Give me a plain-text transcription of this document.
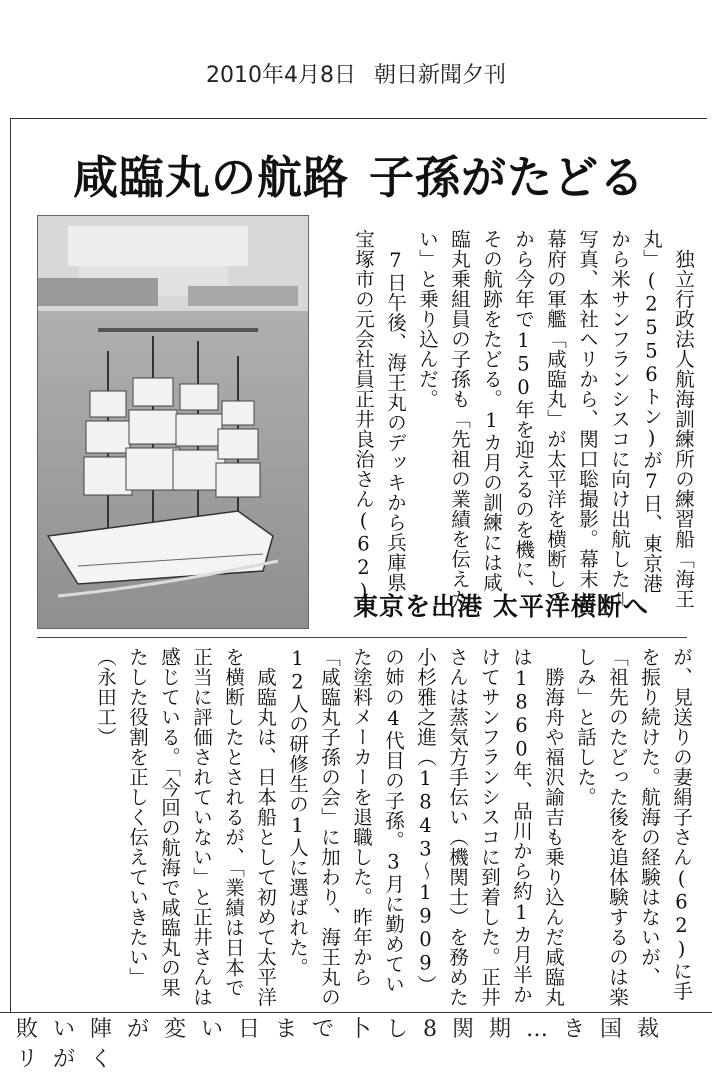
2010年4月8日 朝日新聞夕刊
咸臨丸の航路 子孫がたどる
　独立行政法人航海訓練所の練習船「海王丸」(2556トン)が7日、東京港から米サンフランシスコに向け出航した＝写真、本社ヘリから、関口聡撮影。幕末に幕府の軍艦「咸臨丸」が太平洋を横断してから今年で150年を迎えるのを機に、その航跡をたどる。1カ月の訓練には咸臨丸乗組員の子孫も「先祖の業績を伝えたい」と乗り込んだ。
　7日午後、海王丸のデッキから兵庫県宝塚市の元会社員正井良治さん(62)
東京を出港 太平洋横断へ
が、見送りの妻絹子さん(62)に手を振り続けた。航海の経験はないが、「祖先のたどった後を追体験するのは楽しみ」と話した。
　勝海舟や福沢諭吉も乗り込んだ咸臨丸は1860年、品川から約1カ月半かけてサンフランシスコに到着した。正井さんは蒸気方手伝い（機関士）を務めた小杉雅之進（1843〜1909）の姉の4代目の子孫。3月に勤めていた塗料メーカーを退職した。昨年から「咸臨丸子孫の会」に加わり、海王丸の12人の研修生の1人に選ばれた。
　咸臨丸は、日本船として初めて太平洋を横断したとされるが、「業績は日本で正当に評価されていない」と正井さんは感じている。「今回の航海で咸臨丸の果たした役割を正しく伝えていきたい」
（永田工）
敗い陣が変い日まで卜し8関期…き国裁リがく
